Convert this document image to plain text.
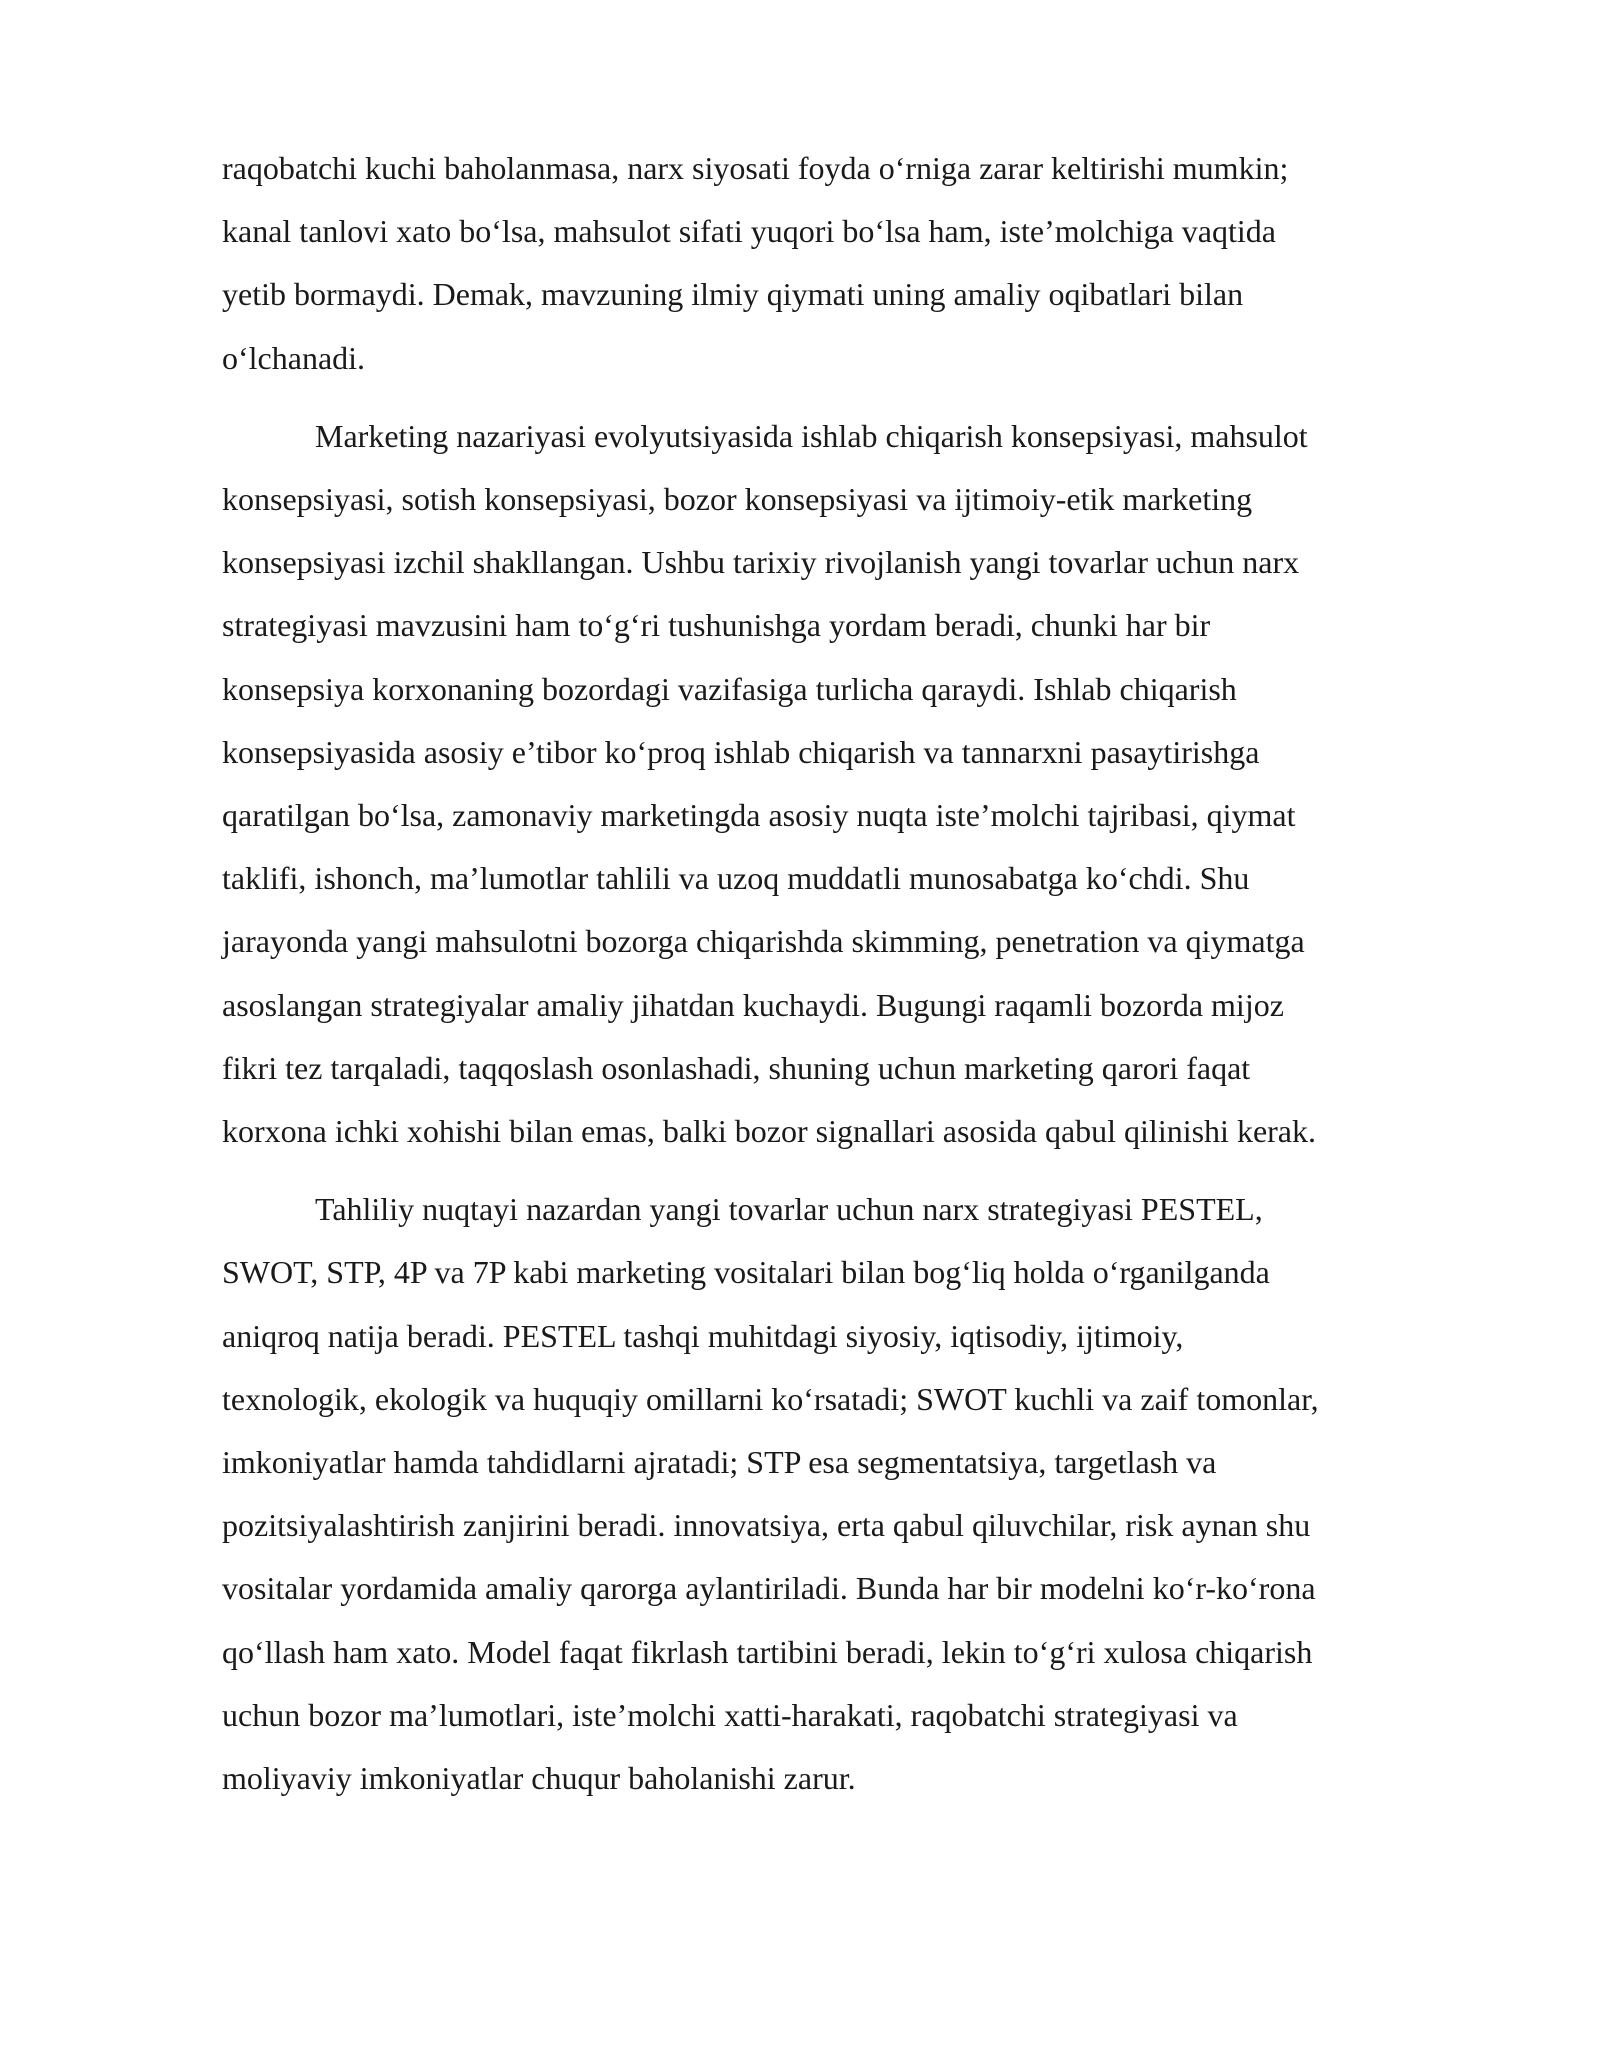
raqobatchi kuchi baholanmasa, narx siyosati foyda o‘rniga zarar keltirishi mumkin;
kanal tanlovi xato bo‘lsa, mahsulot sifati yuqori bo‘lsa ham, iste’molchiga vaqtida
yetib bormaydi. Demak, mavzuning ilmiy qiymati uning amaliy oqibatlari bilan
o‘lchanadi.

Marketing nazariyasi evolyutsiyasida ishlab chiqarish konsepsiyasi, mahsulot
konsepsiyasi, sotish konsepsiyasi, bozor konsepsiyasi va ijtimoiy-etik marketing
konsepsiyasi izchil shakllangan. Ushbu tarixiy rivojlanish yangi tovarlar uchun narx
strategiyasi mavzusini ham to‘g‘ri tushunishga yordam beradi, chunki har bir
konsepsiya korxonaning bozordagi vazifasiga turlicha qaraydi. Ishlab chiqarish
konsepsiyasida asosiy e’tibor ko‘proq ishlab chiqarish va tannarxni pasaytirishga
qaratilgan bo‘lsa, zamonaviy marketingda asosiy nuqta iste’molchi tajribasi, qiymat
taklifi, ishonch, ma’lumotlar tahlili va uzoq muddatli munosabatga ko‘chdi. Shu
jarayonda yangi mahsulotni bozorga chiqarishda skimming, penetration va qiymatga
asoslangan strategiyalar amaliy jihatdan kuchaydi. Bugungi raqamli bozorda mijoz
fikri tez tarqaladi, taqqoslash osonlashadi, shuning uchun marketing qarori faqat
korxona ichki xohishi bilan emas, balki bozor signallari asosida qabul qilinishi kerak.

Tahliliy nuqtayi nazardan yangi tovarlar uchun narx strategiyasi PESTEL,
SWOT, STP, 4P va 7P kabi marketing vositalari bilan bog‘liq holda o‘rganilganda
aniqroq natija beradi. PESTEL tashqi muhitdagi siyosiy, iqtisodiy, ijtimoiy,
texnologik, ekologik va huquqiy omillarni ko‘rsatadi; SWOT kuchli va zaif tomonlar,
imkoniyatlar hamda tahdidlarni ajratadi; STP esa segmentatsiya, targetlash va
pozitsiyalashtirish zanjirini beradi. innovatsiya, erta qabul qiluvchilar, risk aynan shu
vositalar yordamida amaliy qarorga aylantiriladi. Bunda har bir modelni ko‘r-ko‘rona
qo‘llash ham xato. Model faqat fikrlash tartibini beradi, lekin to‘g‘ri xulosa chiqarish
uchun bozor ma’lumotlari, iste’molchi xatti-harakati, raqobatchi strategiyasi va
moliyaviy imkoniyatlar chuqur baholanishi zarur.
